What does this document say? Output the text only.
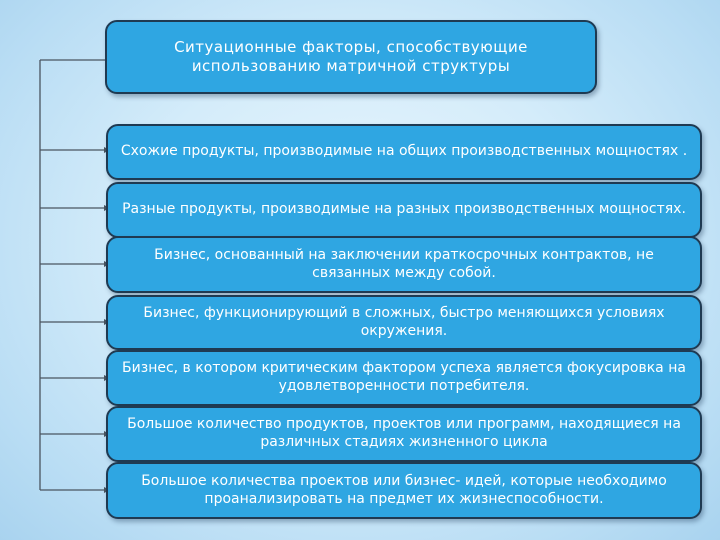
Ситуационные факторы, способствующие использованию матричной структуры
Схожие продукты, производимые на общих производственных мощностях .
Разные продукты, производимые на разных производственных мощностях.
Бизнес, основанный на заключении краткосрочных контрактов, не связанных между собой.
Бизнес, функционирующий в сложных, быстро меняющихся условиях окружения.
Бизнес, в котором критическим фактором успеха является фокусировка на удовлетворенности потребителя.
Большое количество продуктов, проектов или программ, находящиеся на различных стадиях жизненного цикла
Большое количества проектов или бизнес- идей, которые необходимо проанализировать на предмет их жизнеспособности.
